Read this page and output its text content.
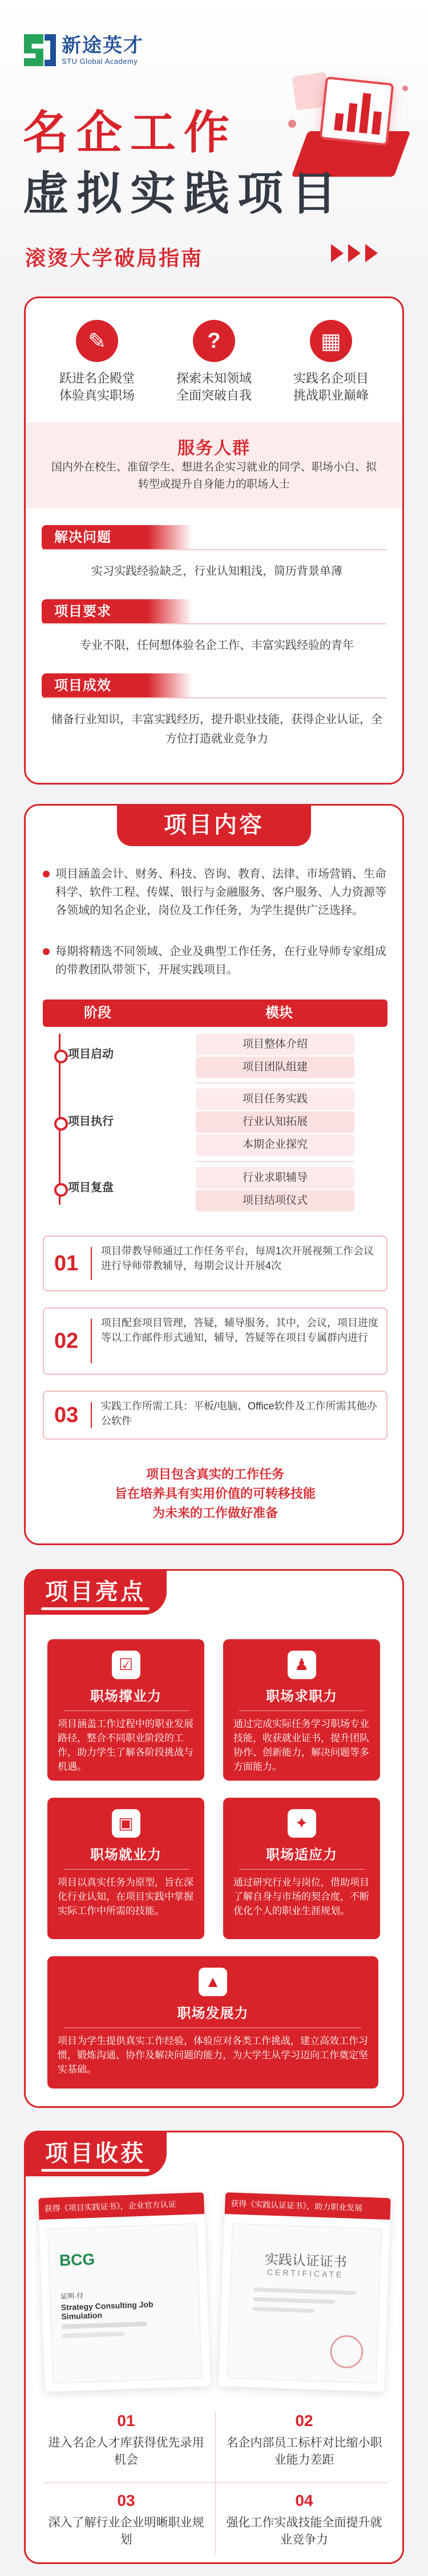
新途英才
STU Global Academy
名企工作
虚拟实践项目
滚烫大学破局指南
✎
跃进名企殿堂
体验真实职场
?
探索未知领域
全面突破自我
▦
实践名企项目
挑战职业巅峰
服务人群
国内外在校生、准留学生、想进名企实习就业的同学、职场小白、拟转型或提升自身能力的职场人士
解决问题
实习实践经验缺乏，行业认知粗浅，简历背景单薄
项目要求
专业不限，任何想体验名企工作、丰富实践经验的青年
项目成效
储备行业知识，丰富实践经历，提升职业技能，获得企业认证，全方位打造就业竞争力
项目内容
项目涵盖会计、财务、科技、咨询、教育、法律、市场营销、生命科学、软件工程、传媒、银行与金融服务、客户服务、人力资源等各领域的知名企业，岗位及工作任务，为学生提供广泛选择。
每期将精选不同领域、企业及典型工作任务，在行业导师专家组成的带教团队带领下，开展实践项目。
阶段	模块
项目启动
项目整体介绍
项目团队组建
项目执行
项目任务实践
行业认知拓展
本期企业探究
项目复盘
行业求职辅导
项目结项仪式
01
项目带教导师通过工作任务平台，每周1次开展视频工作会议进行导师带教辅导，每期会议计开展4次
02
项目配套项目管理，答疑，辅导服务，其中，会议，项目进度等以工作邮件形式通知，辅导，答疑等在项目专属群内进行
03 实践工作所需工具：平板/电脑、Office软件及工作所需其他办公软件
项目包含真实的工作任务
旨在培养具有实用价值的可转移技能
为未来的工作做好准备
项目亮点
☑
职场撑业力
项目涵盖工作过程中的职业发展路径，整合不同职业阶段的工作，助力学生了解各阶段挑战与机遇。
♟
职场求职力
通过完成实际任务学习职场专业技能，收获就业证书，提升团队协作、创新能力，解决问题等多方面能力。
▣
职场就业力
项目以真实任务为原型，旨在深化行业认知，在项目实践中掌握实际工作中所需的技能。
✦
职场适应力
通过研究行业与岗位，借助项目了解自身与市场的契合度，不断优化个人的职业生涯规划。
▲
职场发展力
项目为学生提供真实工作经验，体验应对各类工作挑战，建立高效工作习惯，锻炼沟通、协作及解决问题的能力，为大学生从学习迈向工作奠定坚实基础。
项目收获
获得《项目实践证书》，企业官方认证
BCG
证明·付
Strategy Consulting Job Simulation
获得《实践认证证书》，助力职业发展
实践认证证书
CERTIFICATE
01
进入名企人才库获得优先录用机会
02
名企内部员工标杆对比缩小职业能力差距
03
深入了解行业企业明晰职业规划
04
强化工作实战技能全面提升就业竞争力
